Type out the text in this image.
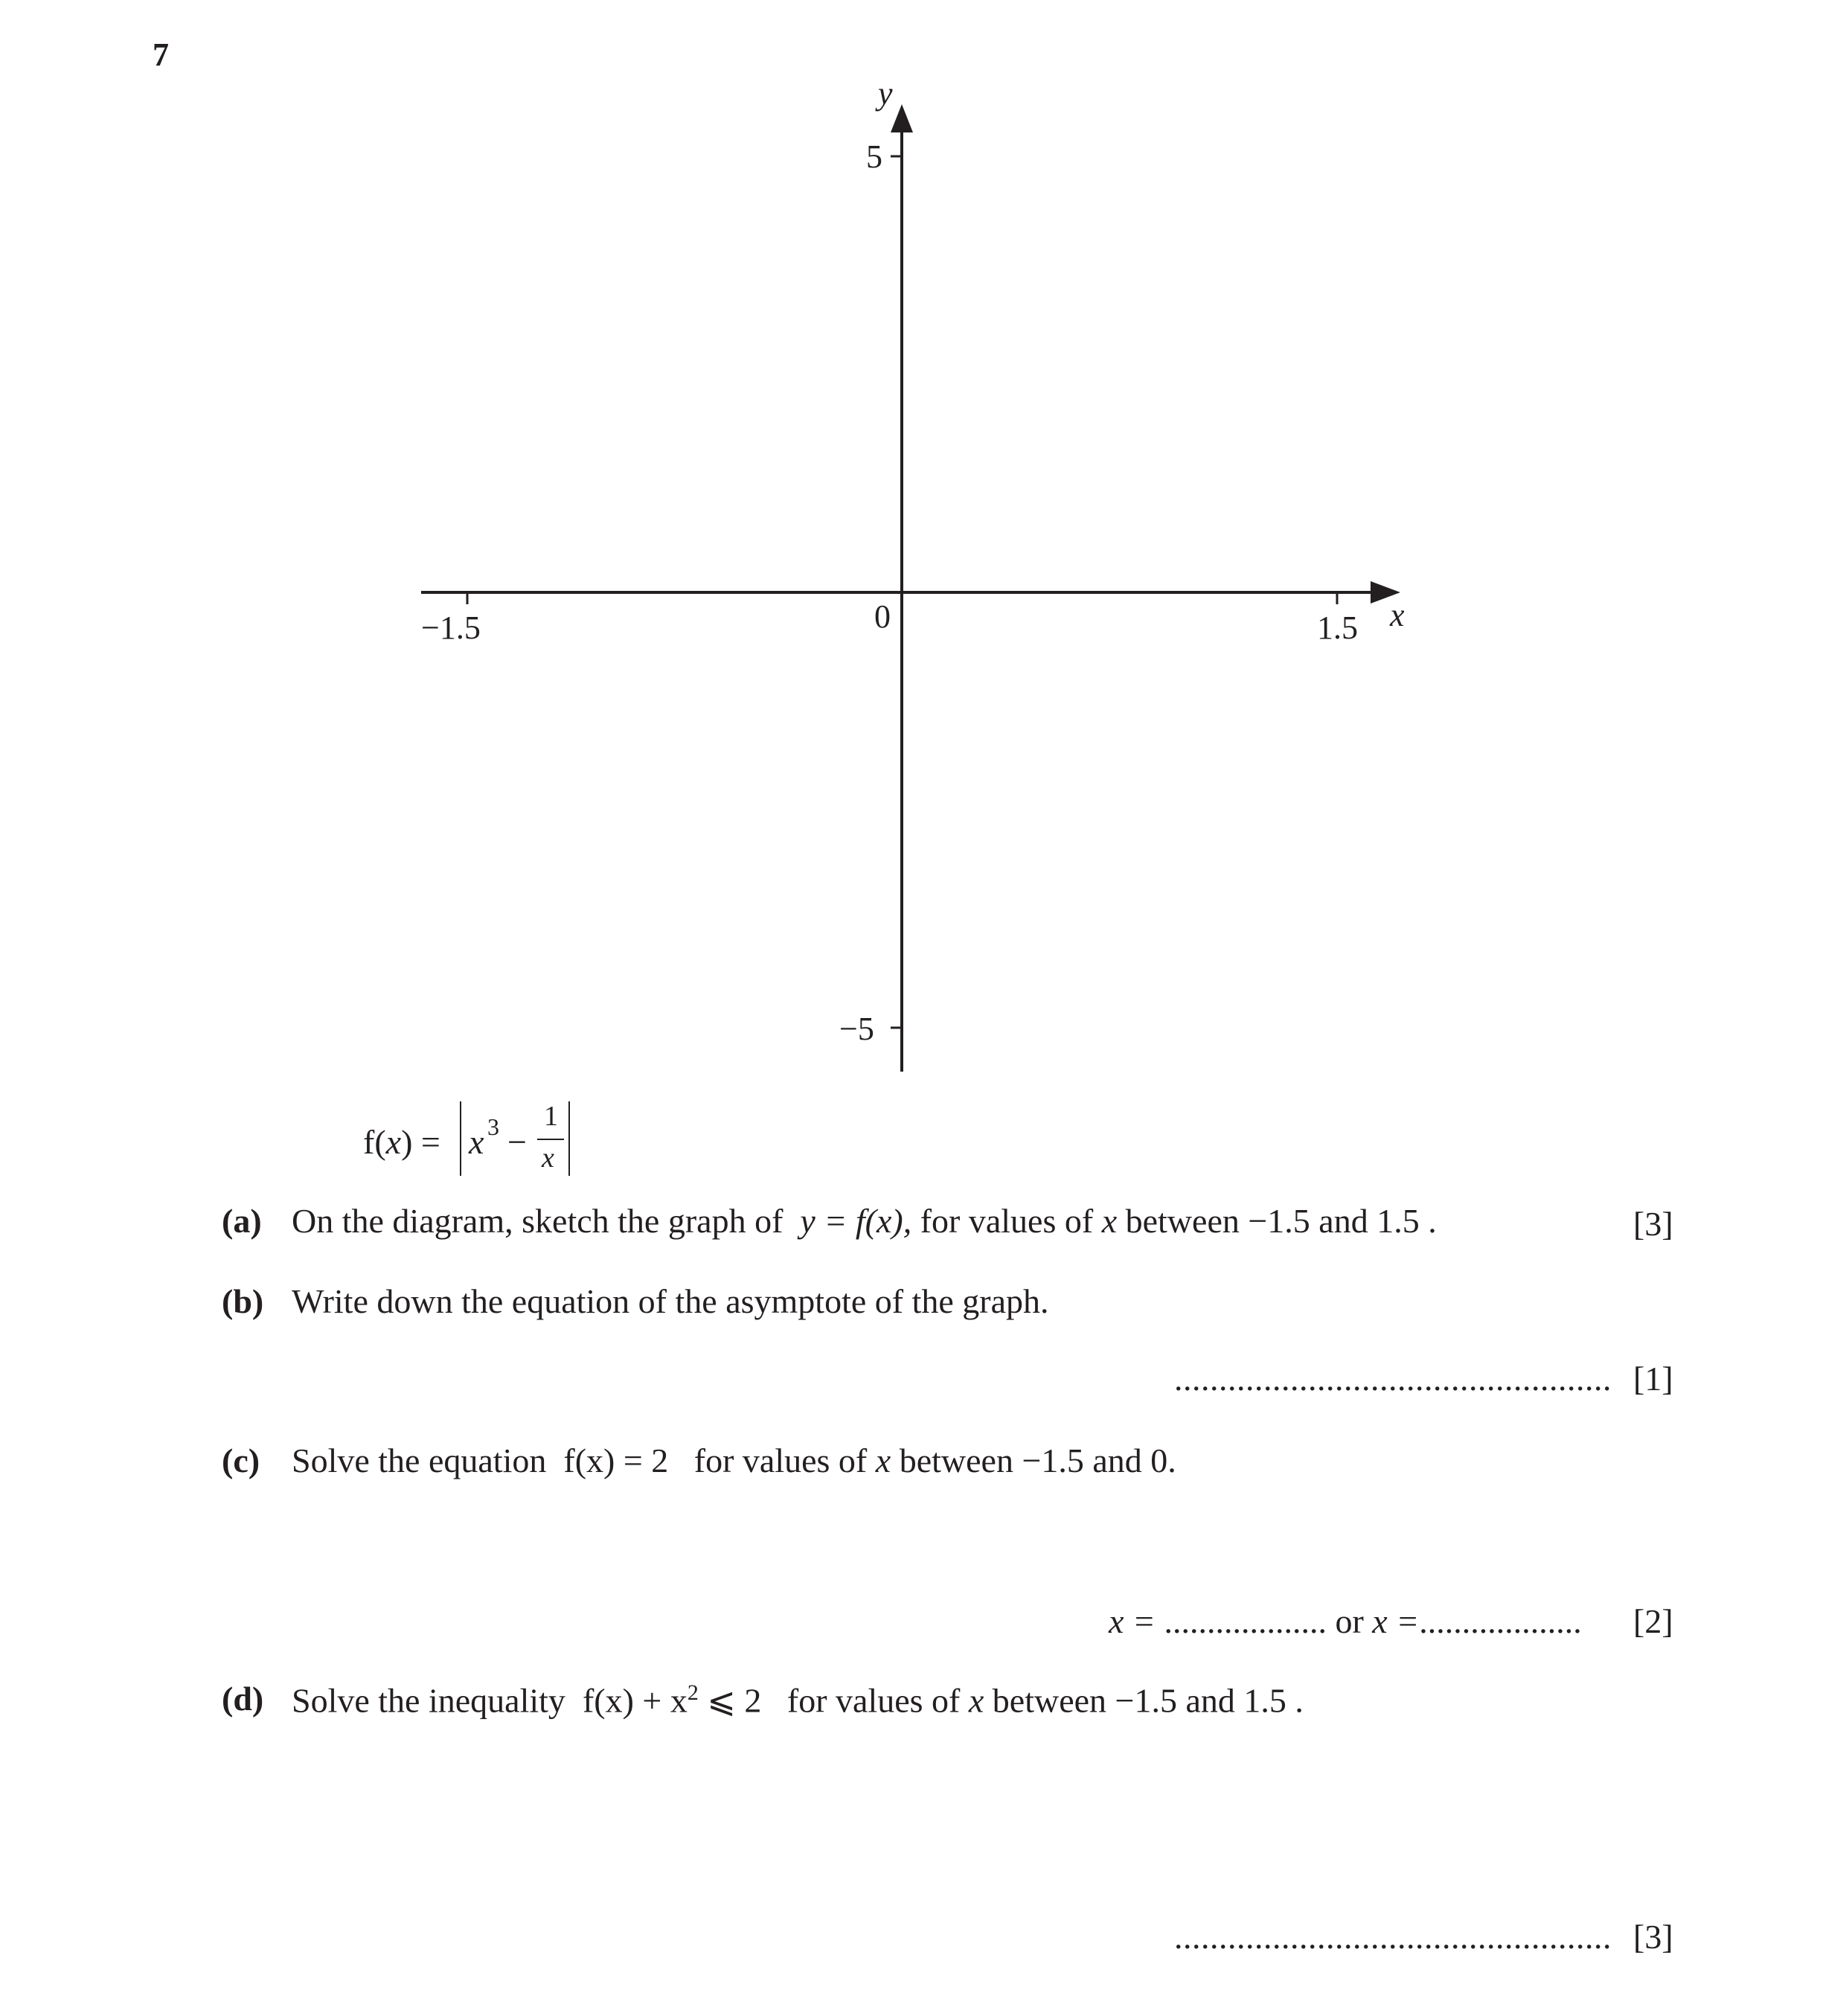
7
y
x
5
−5
0
−1.5	1.5
f(x) = x 3 −
1
x
(a) On the diagram, sketch the graph of y = f(x), for values of x between −1.5 and 1.5 .	[3]
(b) Write down the equation of the asymptote of the graph.
................................................. [1]
(c) Solve the equation f(x) = 2 for values of x between −1.5 and 0.
x = ................... or x =................... [2]
(d) Solve the inequality $f(x) + x^2$ ⩽ 2 for values of x between −1.5 and 1.5 .
................................................. [3]
